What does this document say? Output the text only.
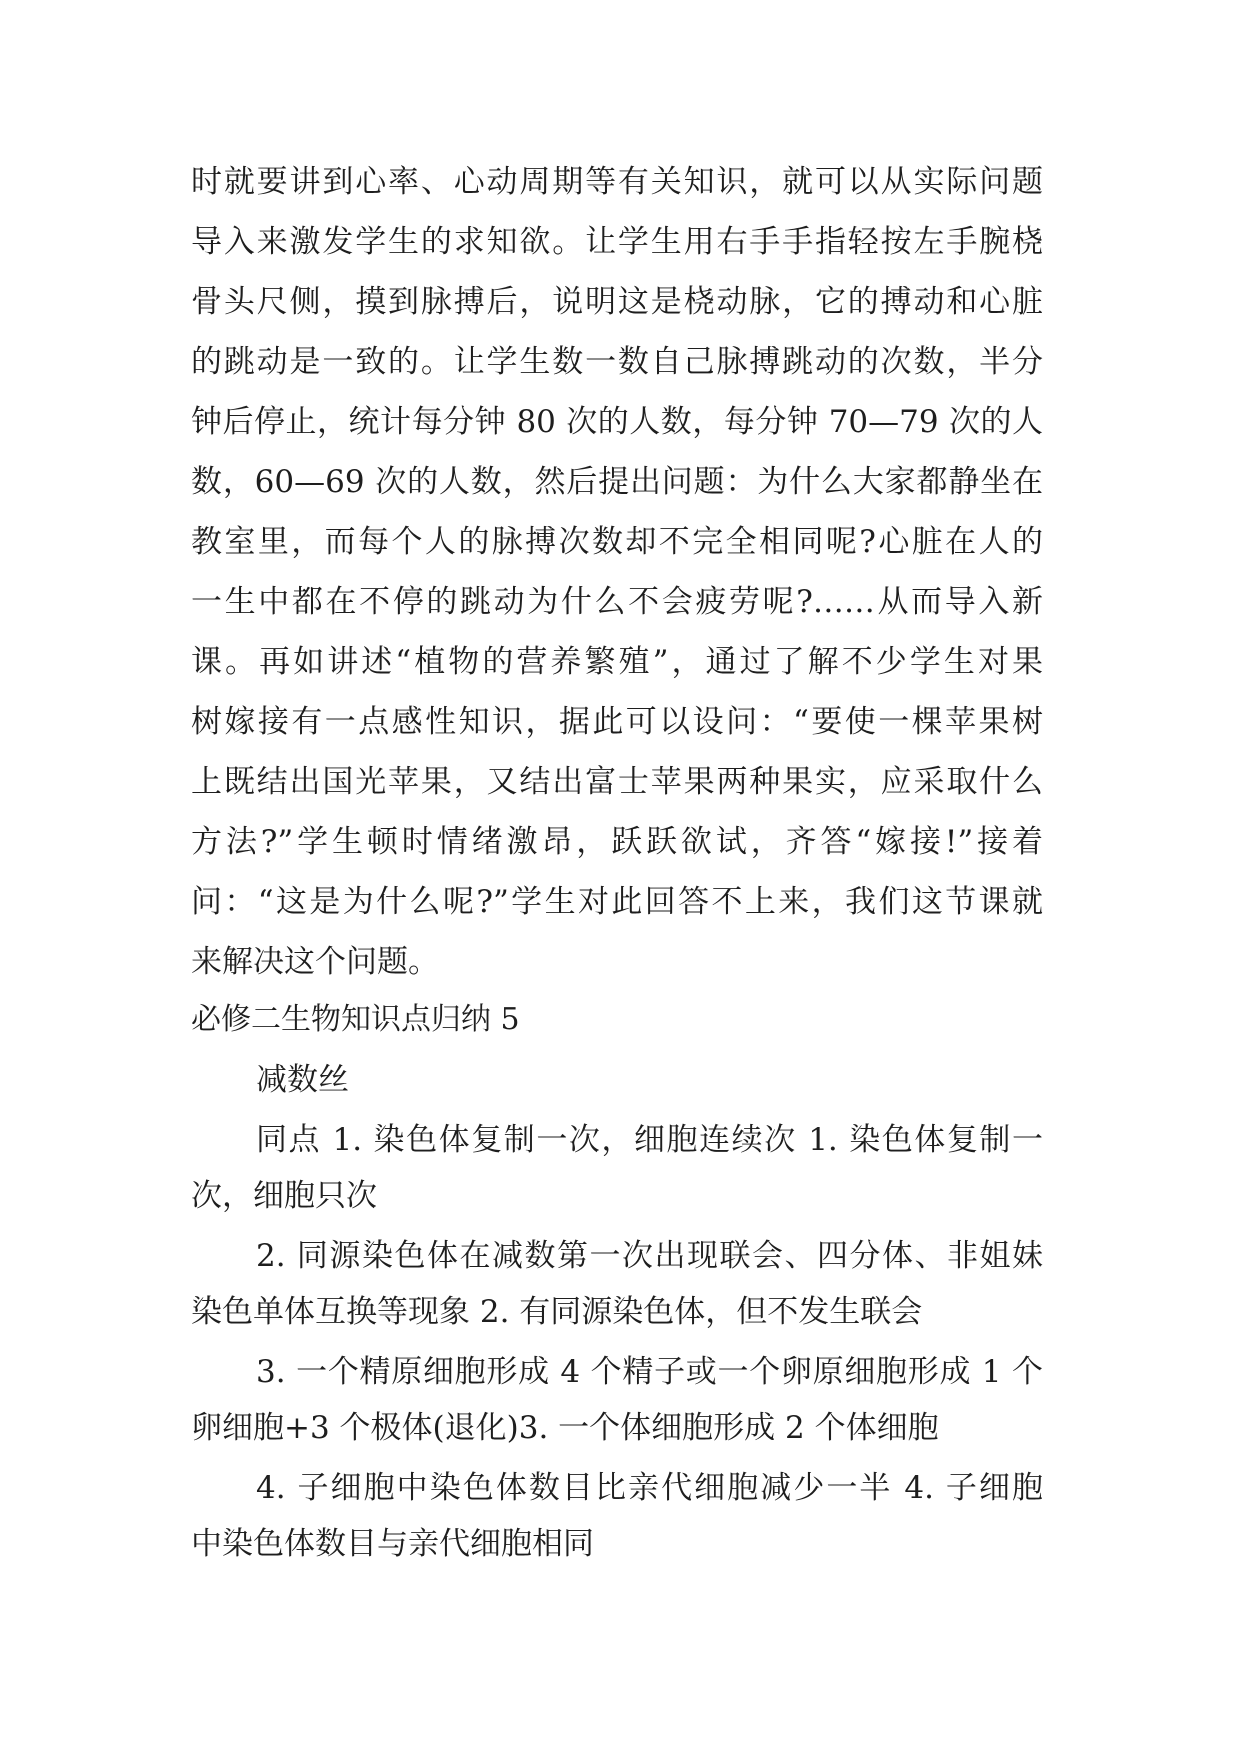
时就要讲到心率、心动周期等有关知识，就可以从实际问题
导入来激发学生的求知欲。让学生用右手手指轻按左手腕桡
骨头尺侧，摸到脉搏后，说明这是桡动脉，它的搏动和心脏
的跳动是一致的。让学生数一数自己脉搏跳动的次数，半分
钟后停止，统计每分钟 80 次的人数，每分钟 70—79 次的人
数，60—69 次的人数，然后提出问题：为什么大家都静坐在
教室里，而每个人的脉搏次数却不完全相同呢?心脏在人的
一生中都在不停的跳动为什么不会疲劳呢?……从而导入新
课。再如讲述“植物的营养繁殖”，通过了解不少学生对果
树嫁接有一点感性知识，据此可以设问：“要使一棵苹果树
上既结出国光苹果，又结出富士苹果两种果实，应采取什么
方法?”学生顿时情绪激昂，跃跃欲试，齐答“嫁接!”接着
问：“这是为什么呢?”学生对此回答不上来，我们这节课就
来解决这个问题。
必修二生物知识点归纳 5
减数丝
同点 1. 染色体复制一次，细胞连续次 1. 染色体复制一
次，细胞只次
2. 同源染色体在减数第一次出现联会、四分体、非姐妹
染色单体互换等现象 2. 有同源染色体，但不发生联会
3. 一个精原细胞形成 4 个精子或一个卵原细胞形成 1 个
卵细胞+3 个极体(退化)3. 一个体细胞形成 2 个体细胞
4. 子细胞中染色体数目比亲代细胞减少一半 4. 子细胞
中染色体数目与亲代细胞相同
